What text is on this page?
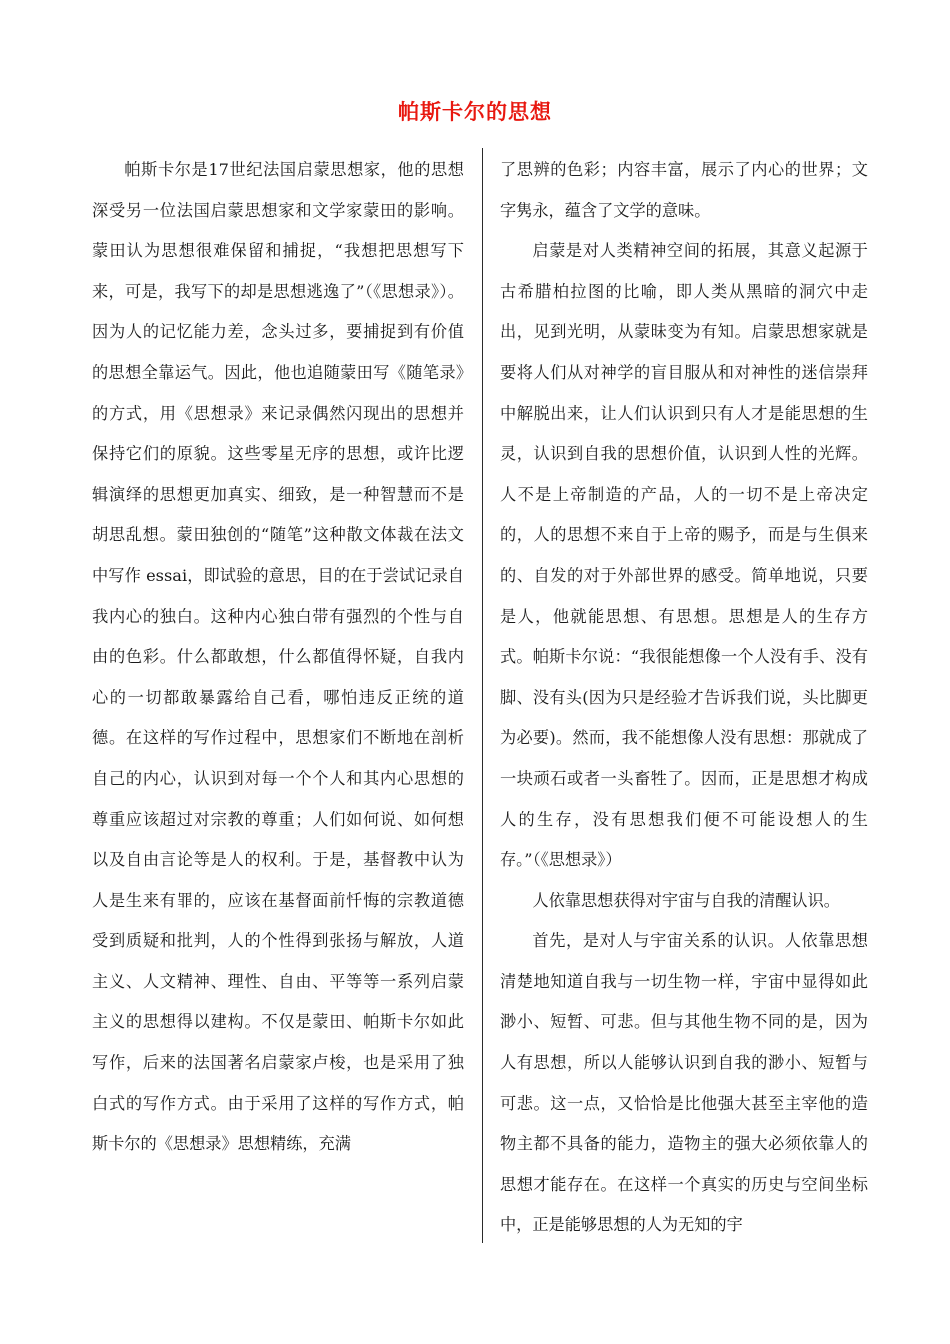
帕斯卡尔的思想

帕斯卡尔是17世纪法国启蒙思想家，他的思想深受另一位法国启蒙思想家和文学家蒙田的影响。蒙田认为思想很难保留和捕捉，“我想把思想写下来，可是，我写下的却是思想逃逸了”（《思想录》）。因为人的记忆能力差，念头过多，要捕捉到有价值的思想全靠运气。因此，他也追随蒙田写《随笔录》的方式，用《思想录》来记录偶然闪现出的思想并保持它们的原貌。这些零星无序的思想，或许比逻辑演绎的思想更加真实、细致，是一种智慧而不是胡思乱想。蒙田独创的“随笔”这种散文体裁在法文中写作 essai，即试验的意思，目的在于尝试记录自我内心的独白。这种内心独白带有强烈的个性与自由的色彩。什么都敢想，什么都值得怀疑，自我内心的一切都敢暴露给自己看，哪怕违反正统的道德。在这样的写作过程中，思想家们不断地在剖析自己的内心，认识到对每一个个人和其内心思想的尊重应该超过对宗教的尊重；人们如何说、如何想以及自由言论等是人的权利。于是，基督教中认为人是生来有罪的，应该在基督面前忏悔的宗教道德受到质疑和批判，人的个性得到张扬与解放，人道主义、人文精神、理性、自由、平等等一系列启蒙主义的思想得以建构。不仅是蒙田、帕斯卡尔如此写作，后来的法国著名启蒙家卢梭，也是采用了独白式的写作方式。由于采用了这样的写作方式，帕斯卡尔的《思想录》思想精练，充满

了思辨的色彩；内容丰富，展示了内心的世界；文字隽永，蕴含了文学的意味。

启蒙是对人类精神空间的拓展，其意义起源于古希腊柏拉图的比喻，即人类从黑暗的洞穴中走出，见到光明，从蒙昧变为有知。启蒙思想家就是要将人们从对神学的盲目服从和对神性的迷信崇拜中解脱出来，让人们认识到只有人才是能思想的生灵，认识到自我的思想价值，认识到人性的光辉。人不是上帝制造的产品，人的一切不是上帝决定的，人的思想不来自于上帝的赐予，而是与生俱来的、自发的对于外部世界的感受。简单地说，只要是人，他就能思想、有思想。思想是人的生存方式。帕斯卡尔说：“我很能想像一个人没有手、没有脚、没有头(因为只是经验才告诉我们说，头比脚更为必要)。然而，我不能想像人没有思想：那就成了一块顽石或者一头畜牲了。因而，正是思想才构成人的生存，没有思想我们便不可能设想人的生存。”（《思想录》）

人依靠思想获得对宇宙与自我的清醒认识。

首先，是对人与宇宙关系的认识。人依靠思想清楚地知道自我与一切生物一样，宇宙中显得如此渺小、短暂、可悲。但与其他生物不同的是，因为人有思想，所以人能够认识到自我的渺小、短暂与可悲。这一点，又恰恰是比他强大甚至主宰他的造物主都不具备的能力，造物主的强大必须依靠人的思想才能存在。在这样一个真实的历史与空间坐标中，正是能够思想的人为无知的宇
